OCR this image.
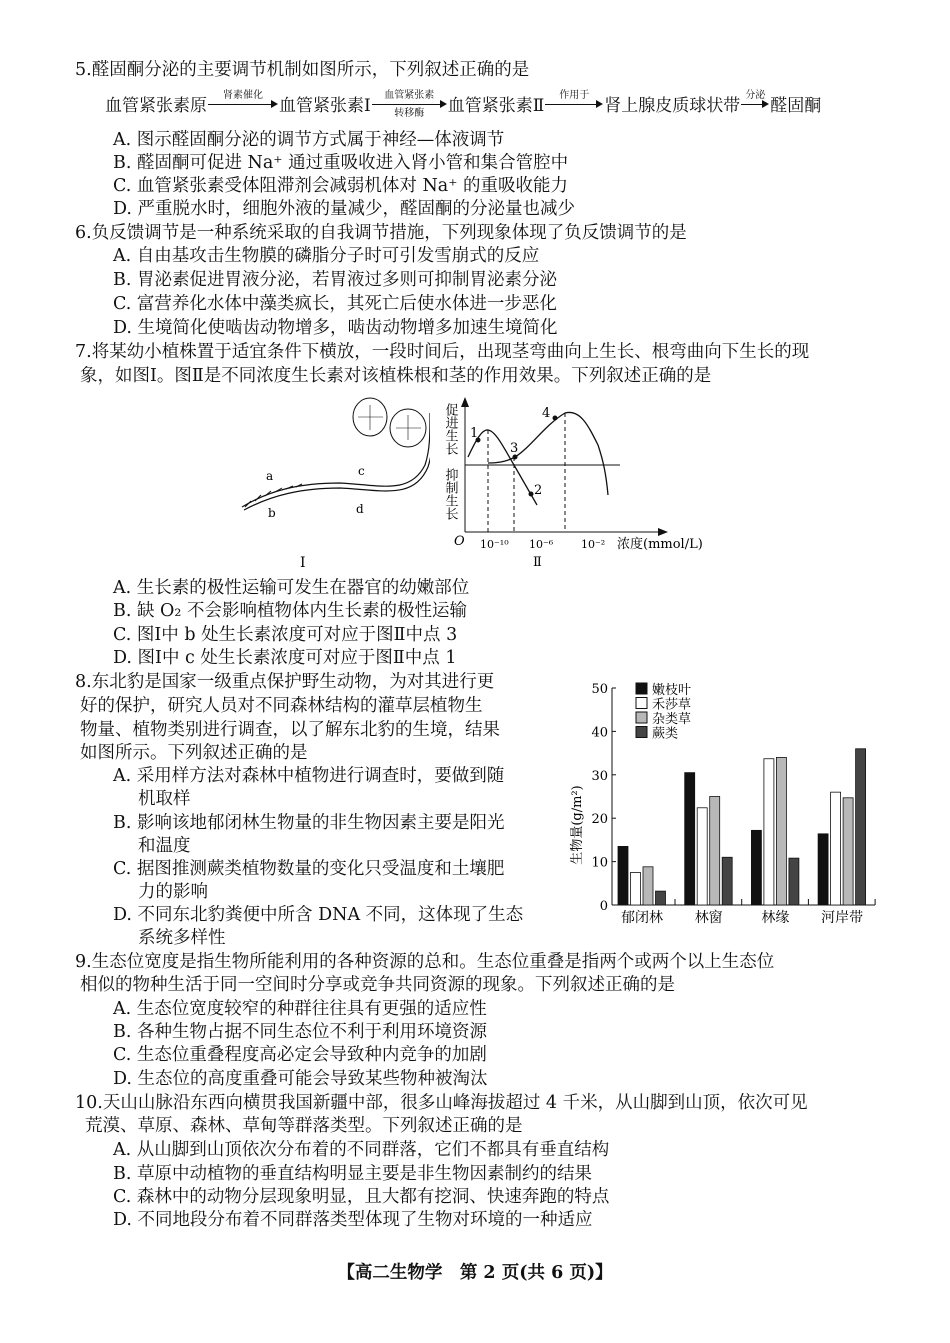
血管紧张素原
肾素催化
血管紧张素Ⅰ
血管紧张素
转移酶	血管紧张素Ⅱ
作用于
肾上腺皮质球状带
分泌
醛固酮
a
b
c
d
Ⅰ
1
2
3
4
O 10⁻¹⁰ 10⁻⁶	10⁻² 浓度(mmol/L)
Ⅱ
促进生长
抑制生长
0
10
20
30
40
50
生物量(g/m²)
郁闭林 林窗	林缘 河岸带
嫩枝叶
禾莎草
杂类草
蕨类
【高二生物学　第 2 页(共 6 页)】
5.醛固酮分泌的主要调节机制如图所示，下列叙述正确的是
A. 图示醛固酮分泌的调节方式属于神经—体液调节
B. 醛固酮可促进 Na⁺ 通过重吸收进入肾小管和集合管腔中
C. 血管紧张素受体阻滞剂会减弱机体对 Na⁺ 的重吸收能力
D. 严重脱水时，细胞外液的量减少，醛固酮的分泌量也减少
6.负反馈调节是一种系统采取的自我调节措施，下列现象体现了负反馈调节的是
A. 自由基攻击生物膜的磷脂分子时可引发雪崩式的反应
B. 胃泌素促进胃液分泌，若胃液过多则可抑制胃泌素分泌
C. 富营养化水体中藻类疯长，其死亡后使水体进一步恶化
D. 生境简化使啮齿动物增多，啮齿动物增多加速生境简化
7.将某幼小植株置于适宜条件下横放，一段时间后，出现茎弯曲向上生长、根弯曲向下生长的现
象，如图Ⅰ。图Ⅱ是不同浓度生长素对该植株根和茎的作用效果。下列叙述正确的是
A. 生长素的极性运输可发生在器官的幼嫩部位
B. 缺 O₂ 不会影响植物体内生长素的极性运输
C. 图Ⅰ中 b 处生长素浓度可对应于图Ⅱ中点 3
D. 图Ⅰ中 c 处生长素浓度可对应于图Ⅱ中点 1
8.东北豹是国家一级重点保护野生动物，为对其进行更
好的保护，研究人员对不同森林结构的灌草层植物生
物量、植物类别进行调查，以了解东北豹的生境，结果
如图所示。下列叙述正确的是
A. 采用样方法对森林中植物进行调查时，要做到随
机取样
B. 影响该地郁闭林生物量的非生物因素主要是阳光
和温度
C. 据图推测蕨类植物数量的变化只受温度和土壤肥
力的影响
D. 不同东北豹粪便中所含 DNA 不同，这体现了生态
系统多样性
9.生态位宽度是指生物所能利用的各种资源的总和。生态位重叠是指两个或两个以上生态位
相似的物种生活于同一空间时分享或竞争共同资源的现象。下列叙述正确的是
A. 生态位宽度较窄的种群往往具有更强的适应性
B. 各种生物占据不同生态位不利于利用环境资源
C. 生态位重叠程度高必定会导致种内竞争的加剧
D. 生态位的高度重叠可能会导致某些物种被淘汰
10.天山山脉沿东西向横贯我国新疆中部，很多山峰海拔超过 4 千米，从山脚到山顶，依次可见
荒漠、草原、森林、草甸等群落类型。下列叙述正确的是
A. 从山脚到山顶依次分布着的不同群落，它们不都具有垂直结构
B. 草原中动植物的垂直结构明显主要是非生物因素制约的结果
C. 森林中的动物分层现象明显，且大都有挖洞、快速奔跑的特点
D. 不同地段分布着不同群落类型体现了生物对环境的一种适应
